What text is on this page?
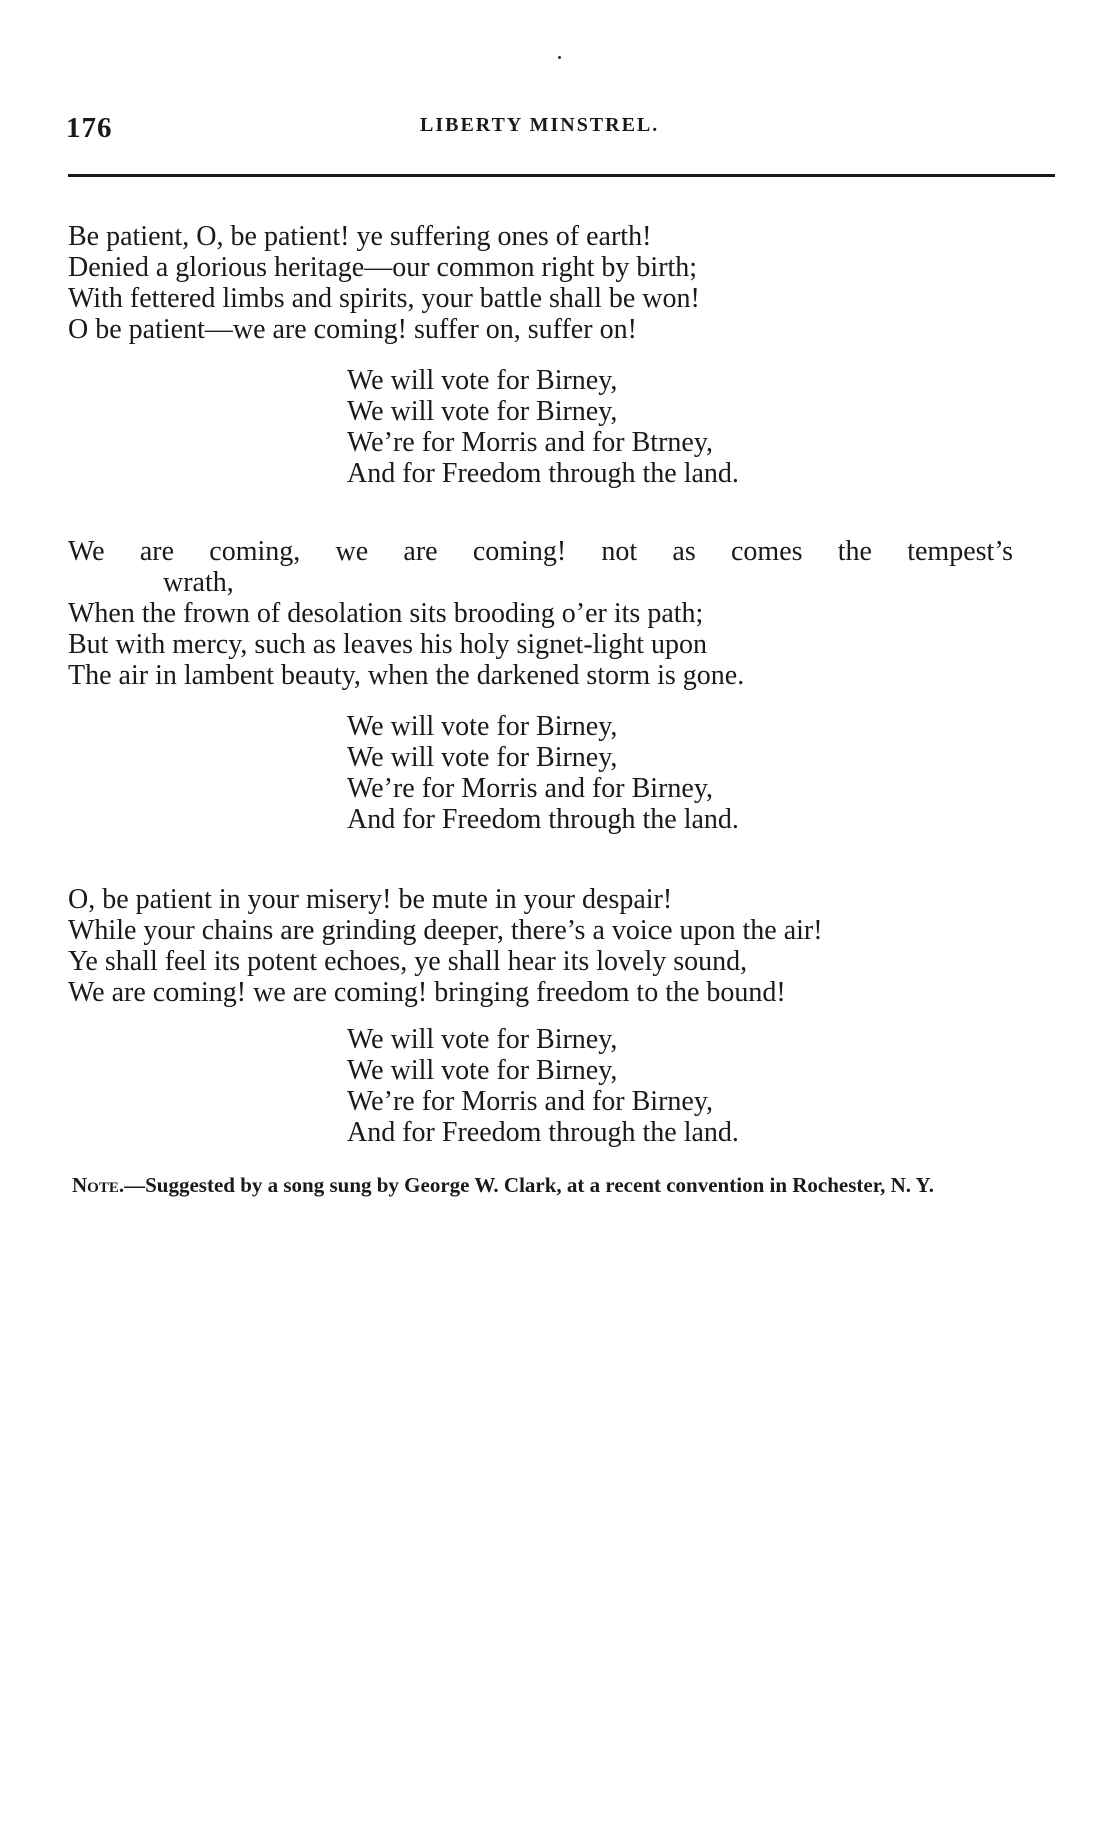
176	LIBERTY MINSTREL.
Be patient, O, be patient! ye suffering ones of earth!
Denied a glorious heritage—our common right by birth;
With fettered limbs and spirits, your battle shall be won!
O be patient—we are coming! suffer on, suffer on!
We will vote for Birney,
We will vote for Birney,
We’re for Morris and for Btrney,
And for Freedom through the land.
We are coming, we are coming! not as comes the tempest’s
wrath,
When the frown of desolation sits brooding o’er its path;
But with mercy, such as leaves his holy signet-light upon
The air in lambent beauty, when the darkened storm is gone.
We will vote for Birney,
We will vote for Birney,
We’re for Morris and for Birney,
And for Freedom through the land.
O, be patient in your misery! be mute in your despair!
While your chains are grinding deeper, there’s a voice upon the air!
Ye shall feel its potent echoes, ye shall hear its lovely sound,
We are coming! we are coming! bringing freedom to the bound!
We will vote for Birney,
We will vote for Birney,
We’re for Morris and for Birney,
And for Freedom through the land.
Note.—Suggested by a song sung by George W. Clark, at a recent convention in Rochester, N. Y.
